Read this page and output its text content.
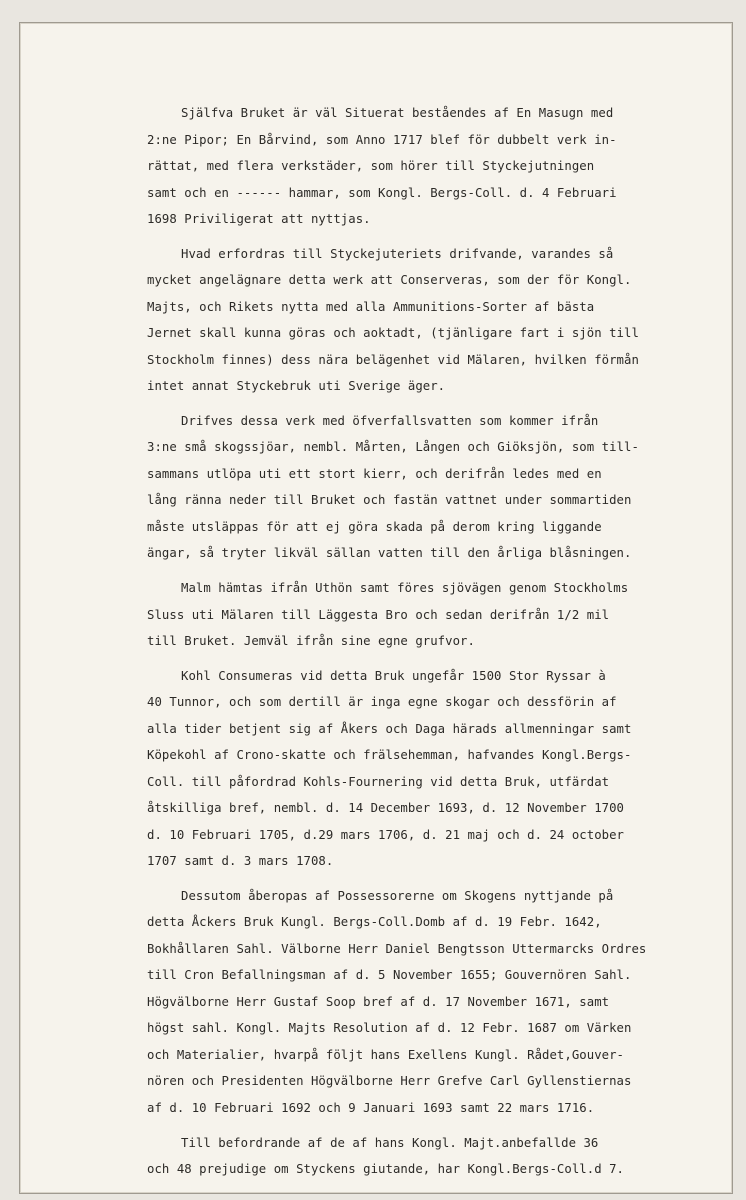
Själfva Bruket är väl Situerat beståendes af En Masugn med
2:ne Pipor; En Bårvind, som Anno 1717 blef för dubbelt verk in-
rättat, med flera verkstäder, som hörer till Styckejutningen
samt och en ------ hammar, som Kongl. Bergs-Coll. d. 4 Februari
1698 Priviligerat att nyttjas.

Hvad erfordras till Styckejuteriets drifvande, varandes så
mycket angelägnare detta werk att Conserveras, som der för Kongl.
Majts, och Rikets nytta med alla Ammunitions-Sorter af bästa
Jernet skall kunna göras och aoktadt, (tjänligare fart i sjön till
Stockholm finnes) dess nära belägenhet vid Mälaren, hvilken förmån
intet annat Styckebruk uti Sverige äger.

Drifves dessa verk med öfverfallsvatten som kommer ifrån
3:ne små skogssjöar, nembl. Mårten, Lången och Giöksjön, som till-
sammans utlöpa uti ett stort kierr, och derifrån ledes med en
lång ränna neder till Bruket och fastän vattnet under sommartiden
måste utsläppas för att ej göra skada på derom kring liggande
ängar, så tryter likväl sällan vatten till den årliga blåsningen.

Malm hämtas ifrån Uthön samt föres sjövägen genom Stockholms
Sluss uti Mälaren till Läggesta Bro och sedan derifrån 1/2 mil
till Bruket. Jemväl ifrån sine egne grufvor.

Kohl Consumeras vid detta Bruk ungefår 1500 Stor Ryssar à
40 Tunnor, och som dertill är inga egne skogar och dessförin af
alla tider betjent sig af Åkers och Daga härads allmenningar samt
Köpekohl af Crono-skatte och frälsehemman, hafvandes Kongl.Bergs-
Coll. till påfordrad Kohls-Fournering vid detta Bruk, utfärdat
åtskilliga bref, nembl. d. 14 December 1693, d. 12 November 1700
d. 10 Februari 1705, d.29 mars 1706, d. 21 maj och d. 24 october
1707 samt d. 3 mars 1708.

Dessutom åberopas af Possessorerne om Skogens nyttjande på
detta Åckers Bruk Kungl. Bergs-Coll.Domb af d. 19 Febr. 1642,
Bokhållaren Sahl. Välborne Herr Daniel Bengtsson Uttermarcks Ordres
till Cron Befallningsman af d. 5 November 1655; Gouvernören Sahl.
Högvälborne Herr Gustaf Soop bref af d. 17 November 1671, samt
högst sahl. Kongl. Majts Resolution af d. 12 Febr. 1687 om Värken
och Materialier, hvarpå följt hans Exellens Kungl. Rådet,Gouver-
nören och Presidenten Högvälborne Herr Grefve Carl Gyllenstiernas
af d. 10 Februari 1692 och 9 Januari 1693 samt 22 mars 1716.

Till befordrande af de af hans Kongl. Majt.anbefallde 36
och 48 prejudige om Styckens giutande, har Kongl.Bergs-Coll.d 7.
